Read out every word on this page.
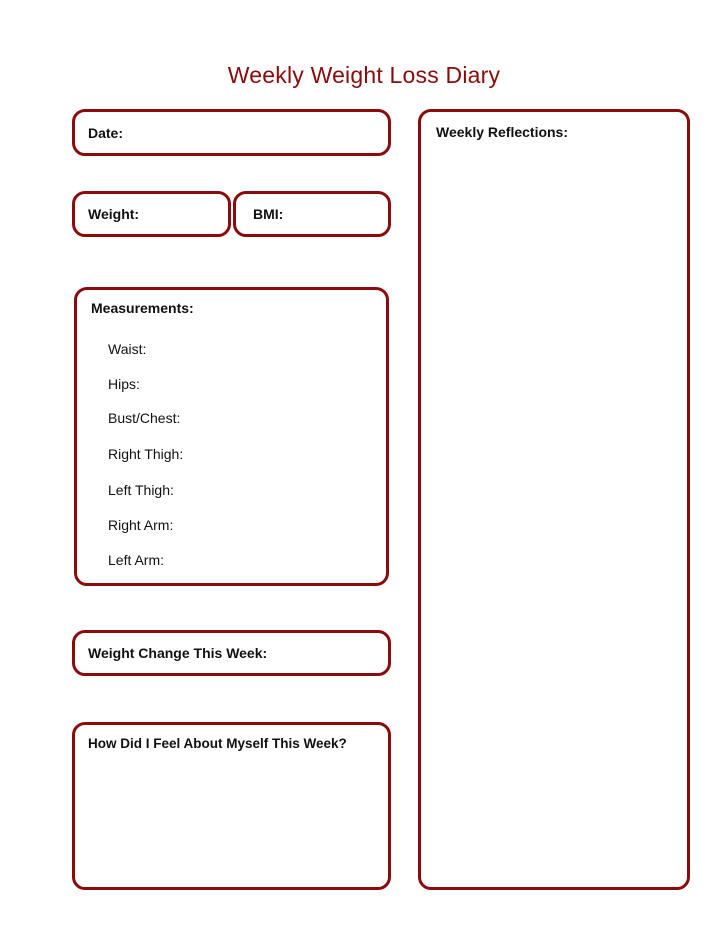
Weekly Weight Loss Diary
Date:
Weight:	BMI:
Measurements:
Waist:
Hips:
Bust/Chest:
Right Thigh:
Left Thigh:
Right Arm:
Left Arm:
Weight Change This Week:
How Did I Feel About Myself This Week?
Weekly Reflections:
